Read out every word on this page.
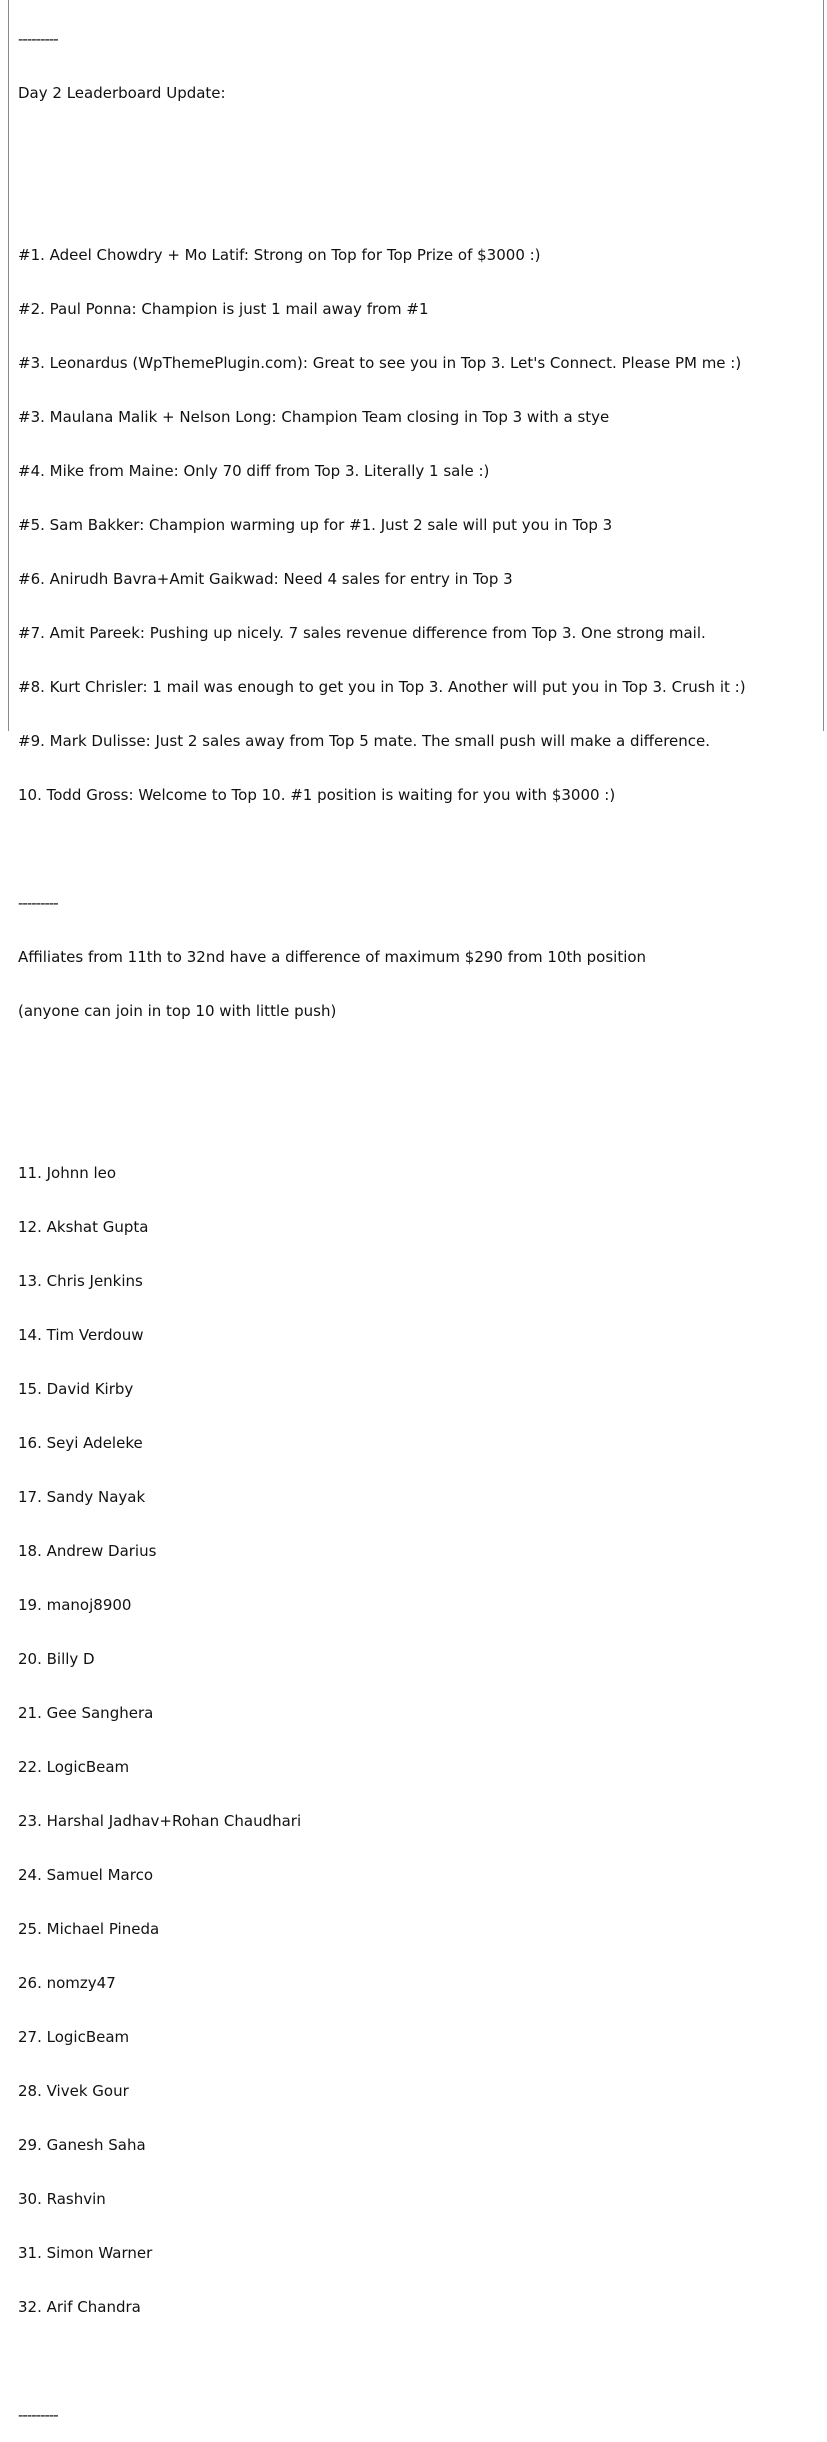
---------

Day 2 Leaderboard Update:

#1. Adeel Chowdry + Mo Latif: Strong on Top for Top Prize of $3000 :)

#2. Paul Ponna: Champion is just 1 mail away from #1

#3. Leonardus (WpThemePlugin.com): Great to see you in Top 3. Let's Connect. Please PM me :)

#3. Maulana Malik + Nelson Long: Champion Team closing in Top 3 with a stye

#4. Mike from Maine: Only 70 diff from Top 3. Literally 1 sale :)

#5. Sam Bakker: Champion warming up for #1. Just 2 sale will put you in Top 3

#6. Anirudh Bavra+Amit Gaikwad: Need 4 sales for entry in Top 3

#7. Amit Pareek: Pushing up nicely. 7 sales revenue difference from Top 3. One strong mail.

#8. Kurt Chrisler: 1 mail was enough to get you in Top 3. Another will put you in Top 3. Crush it :)

#9. Mark Dulisse: Just 2 sales away from Top 5 mate. The small push will make a difference.

10. Todd Gross: Welcome to Top 10. #1 position is waiting for you with $3000 :)

---------

Affiliates from 11th to 32nd have a difference of maximum $290 from 10th position

(anyone can join in top 10 with little push)

11. Johnn leo

12. Akshat Gupta

13. Chris Jenkins

14. Tim Verdouw

15. David Kirby

16. Seyi Adeleke

17. Sandy Nayak

18. Andrew Darius

19. manoj8900

20. Billy D

21. Gee Sanghera

22. LogicBeam

23. Harshal Jadhav+Rohan Chaudhari

24. Samuel Marco

25. Michael Pineda

26. nomzy47

27. LogicBeam

28. Vivek Gour

29. Ganesh Saha

30. Rashvin

31. Simon Warner

32. Arif Chandra

---------
